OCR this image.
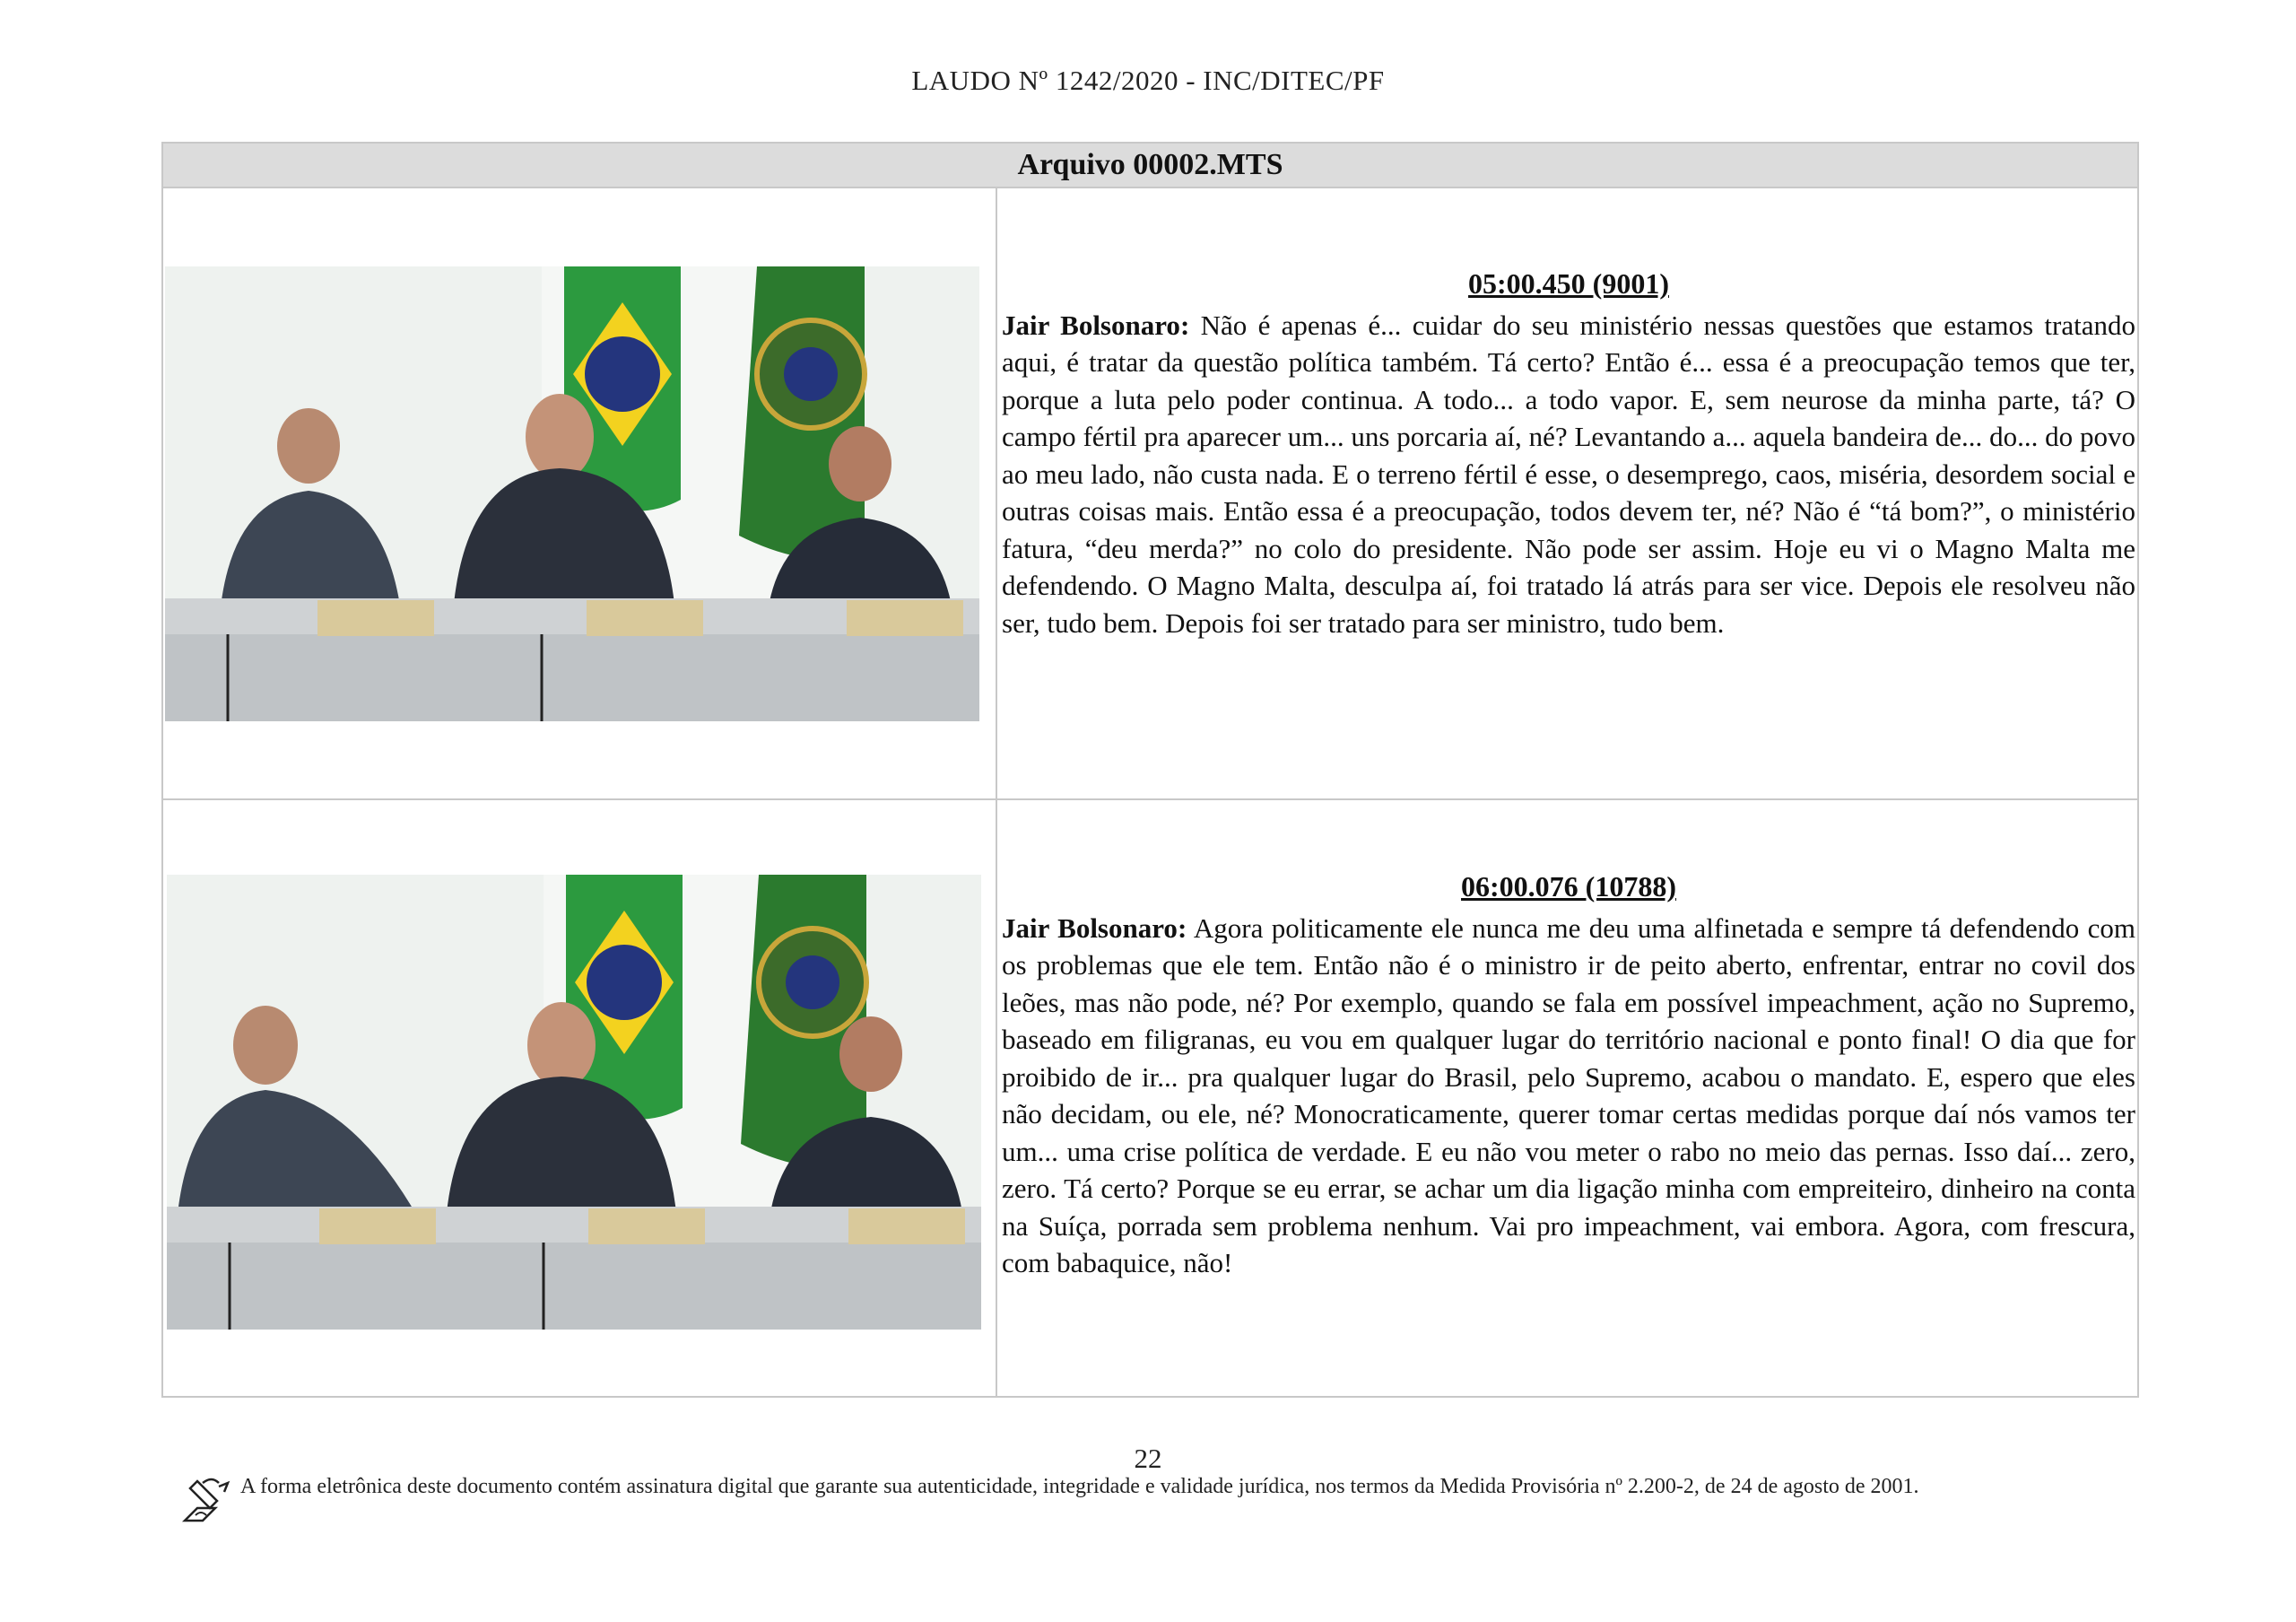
LAUDO Nº 1242/2020 - INC/DITEC/PF
Arquivo 00002.MTS
05:00.450 (9001)
Jair Bolsonaro: Não é apenas é... cuidar do seu ministério nessas questões que estamos tratando aqui, é tratar da questão política também. Tá certo? Então é... essa é a preocupação temos que ter, porque a luta pelo poder continua. A todo... a todo vapor. E, sem neurose da minha parte, tá? O campo fértil pra aparecer um... uns porcaria aí, né? Levantando a... aquela bandeira de... do... do povo ao meu lado, não custa nada. E o terreno fértil é esse, o desemprego, caos, miséria, desordem social e outras coisas mais. Então essa é a preocupação, todos devem ter, né? Não é “tá bom?”, o ministério fatura, “deu merda?” no colo do presidente. Não pode ser assim. Hoje eu vi o Magno Malta me defendendo. O Magno Malta, desculpa aí, foi tratado lá atrás para ser vice. Depois ele resolveu não ser, tudo bem. Depois foi ser tratado para ser ministro, tudo bem.
06:00.076 (10788)
Jair Bolsonaro: Agora politicamente ele nunca me deu uma alfinetada e sempre tá defendendo com os problemas que ele tem. Então não é o ministro ir de peito aberto, enfrentar, entrar no covil dos leões, mas não pode, né? Por exemplo, quando se fala em possível impeachment, ação no Supremo, baseado em filigranas, eu vou em qualquer lugar do território nacional e ponto final! O dia que for proibido de ir... pra qualquer lugar do Brasil, pelo Supremo, acabou o mandato. E, espero que eles não decidam, ou ele, né? Monocraticamente, querer tomar certas medidas porque daí nós vamos ter um... uma crise política de verdade. E eu não vou meter o rabo no meio das pernas. Isso daí... zero, zero. Tá certo? Porque se eu errar, se achar um dia ligação minha com empreiteiro, dinheiro na conta na Suíça, porrada sem problema nenhum. Vai pro impeachment, vai embora. Agora, com frescura, com babaquice, não!
22
A forma eletrônica deste documento contém assinatura digital que garante sua autenticidade, integridade e validade jurídica, nos termos da Medida Provisória nº 2.200-2, de 24 de agosto de 2001.
